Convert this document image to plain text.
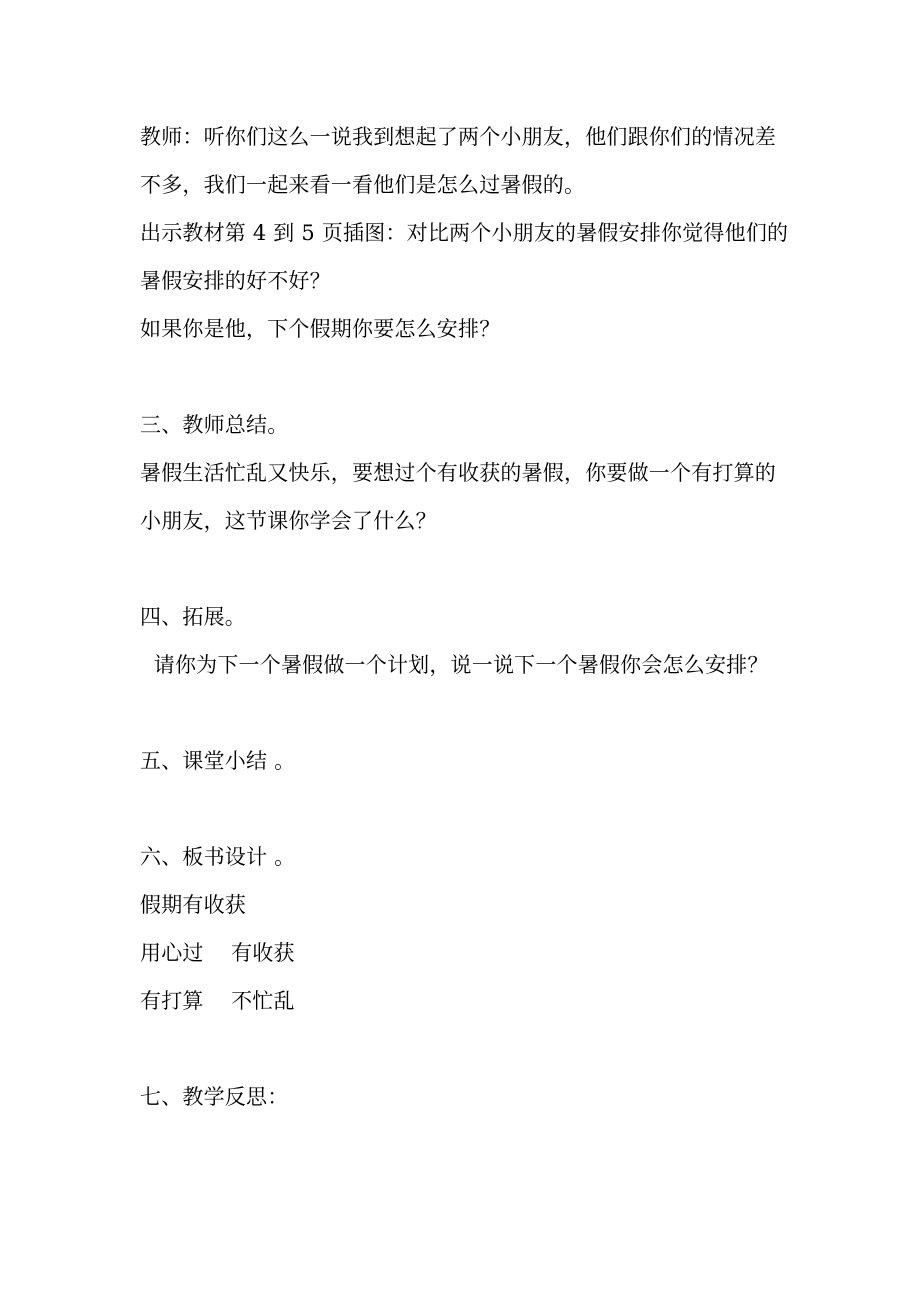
教师：听你们这么一说我到想起了两个小朋友，他们跟你们的情况差
不多，我们一起来看一看他们是怎么过暑假的。
出示教材第 4 到 5 页插图：对比两个小朋友的暑假安排你觉得他们的
暑假安排的好不好？
如果你是他，下个假期你要怎么安排？
三、教师总结。
暑假生活忙乱又快乐，要想过个有收获的暑假，你要做一个有打算的
小朋友，这节课你学会了什么？
四、拓展。
请你为下一个暑假做一个计划，说一说下一个暑假你会怎么安排？
五、课堂小结 。
六、板书设计 。
假期有收获
用心过    有收获
有打算    不忙乱
七、教学反思：
